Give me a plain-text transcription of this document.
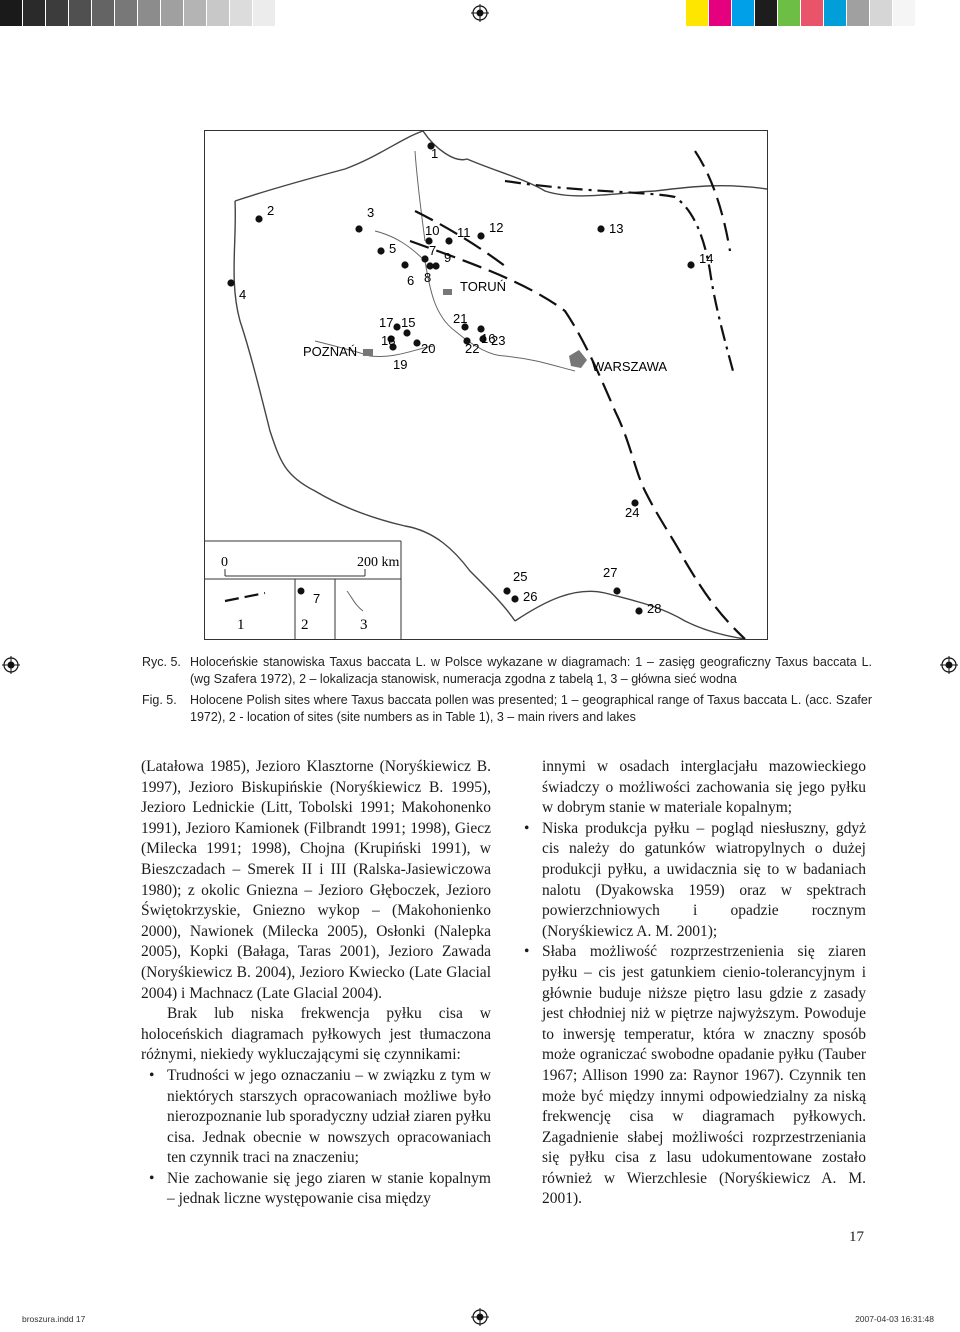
TORUŃ
WARSZAWA
POZNAŃ
1
2	3
4
5
6
7
8
9
10 11 12	13
14
15
16
17
18
19
20
21
22
23
24
25
26
27
28
0	200 km
7
1	2	3
Ryc. 5. Holoceńskie stanowiska Taxus baccata L. w Polsce wykazane w diagramach: 1 – zasięg geograficzny Taxus baccata L. (wg Szafera 1972), 2 – lokalizacja stanowisk, numeracja zgodna z tabelą 1, 3 – główna sieć wodna
Fig. 5. Holocene Polish sites where Taxus baccata pollen was presented; 1 – geographical range of Taxus baccata L. (acc. Szafer 1972), 2 - location of sites (site numbers as in Table 1), 3 – main rivers and lakes

(Latałowa 1985), Jezioro Klasztorne (Noryśkiewicz B. 1997), Jezioro Biskupińskie (Noryśkiewicz B. 1995), Jezioro Lednickie (Litt, Tobolski 1991; Makohonenko 1991), Jezioro Kamionek (Filbrandt 1991; 1998), Giecz (Milecka 1991; 1998), Chojna (Krupiński 1991), w Bieszczadach – Smerek II i III (Ralska-Jasiewiczowa 1980); z okolic Gniezna – Jezioro Głęboczek, Jezioro Świętokrzyskie, Gniezno wykop – (Makohonienko 2000), Nawionek (Milecka 2005), Osłonki (Nalepka 2005), Kopki (Bałaga, Taras 2001), Jezioro Zawada (Noryśkiewicz B. 2004), Jezioro Kwiecko (Late Glacial 2004) i Machnacz (Late Glacial 2004).

Brak lub niska frekwencja pyłku cisa w holoceńskich diagramach pyłkowych jest tłumaczona różnymi, niekiedy wykluczającymi się czynnikami:

• Trudności w jego oznaczaniu – w związku z tym w niektórych starszych opracowaniach możliwe było nierozpoznanie lub sporadyczny udział ziaren pyłku cisa. Jednak obecnie w nowszych opracowaniach ten czynnik traci na znaczeniu;
• Nie zachowanie się jego ziaren w stanie kopalnym – jednak liczne występowanie cisa między

innymi w osadach interglacjału mazowieckiego świadczy o możliwości zachowania się jego pyłku w dobrym stanie w materiale kopalnym;

• Niska produkcja pyłku – pogląd niesłuszny, gdyż cis należy do gatunków wiatropylnych o dużej produkcji pyłku, a uwidacznia się to w badaniach nalotu (Dyakowska 1959) oraz w spektrach powierzchniowych i opadzie rocznym (Noryśkiewicz A. M. 2001);
• Słaba możliwość rozprzestrzenienia się ziaren pyłku – cis jest gatunkiem cienio-tolerancyjnym i głównie buduje niższe piętro lasu gdzie z zasady jest chłodniej niż w piętrze najwyższym. Powoduje to inwersję temperatur, która w znaczny sposób może ograniczać swobodne opadanie pyłku (Tauber 1967; Allison 1990 za: Raynor 1967). Czynnik ten może być między innymi odpowiedzialny za niską frekwencję cisa w diagramach pyłkowych. Zagadnienie słabej możliwości rozprzestrzeniania się pyłku cisa z lasu udokumentowane zostało również w Wierzchlesie (Noryśkiewicz A. M. 2001).
17
broszura.indd 17	2007-04-03 16:31:48
